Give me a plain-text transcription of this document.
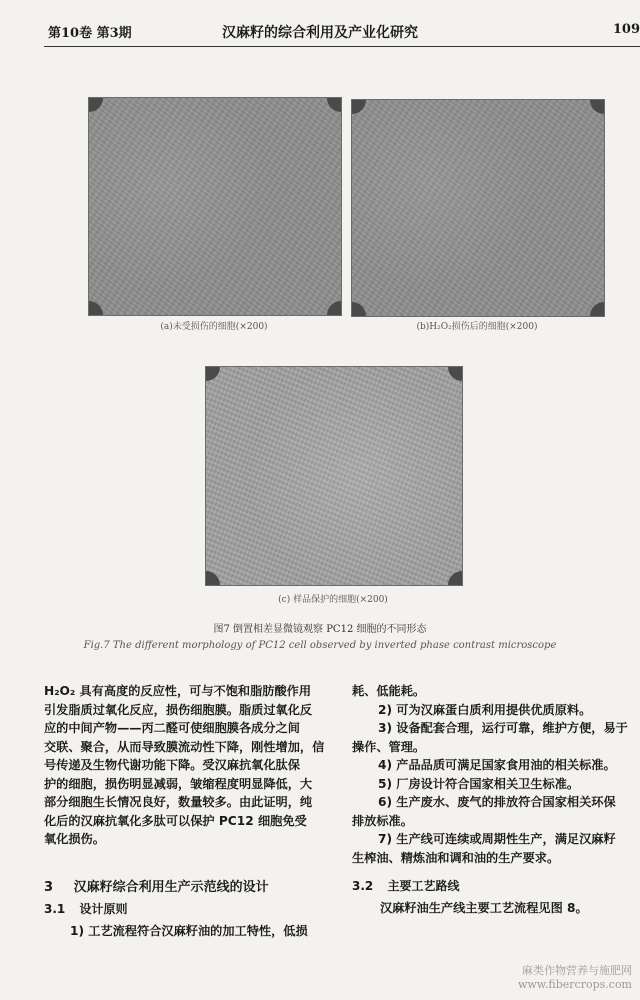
第10卷 第3期	汉麻籽的综合利用及产业化研究	109
(a)未受损伤的细胞(×200)	(b)H₂O₂损伤后的细胞(×200)
(c) 样品保护的细胞(×200)
图7 倒置相差显微镜观察 PC12 细胞的不同形态
Fig.7 The different morphology of PC12 cell observed by inverted phase contrast microscope

H₂O₂ 具有高度的反应性，可与不饱和脂肪酸作用

引发脂质过氧化反应，损伤细胞膜。脂质过氧化反

应的中间产物——丙二醛可使细胞膜各成分之间

交联、聚合，从而导致膜流动性下降，刚性增加，信

号传递及生物代谢功能下降。受汉麻抗氧化肽保

护的细胞，损伤明显减弱，皱缩程度明显降低，大

部分细胞生长情况良好，数量较多。由此证明，纯

化后的汉麻抗氧化多肽可以保护 PC12 细胞免受

氧化损伤。

3 汉麻籽综合利用生产示范线的设计
3.1 设计原则
1) 工艺流程符合汉麻籽油的加工特性，低损

耗、低能耗。

2) 可为汉麻蛋白质利用提供优质原料。

3) 设备配套合理，运行可靠，维护方便，易于

操作、管理。

4) 产品品质可满足国家食用油的相关标准。

5) 厂房设计符合国家相关卫生标准。

6) 生产废水、废气的排放符合国家相关环保

排放标准。

7) 生产线可连续或周期性生产，满足汉麻籽

生榨油、精炼油和调和油的生产要求。

3.2 主要工艺路线
汉麻籽油生产线主要工艺流程见图 8。
麻类作物营养与施肥网
www.fibercrops.com
